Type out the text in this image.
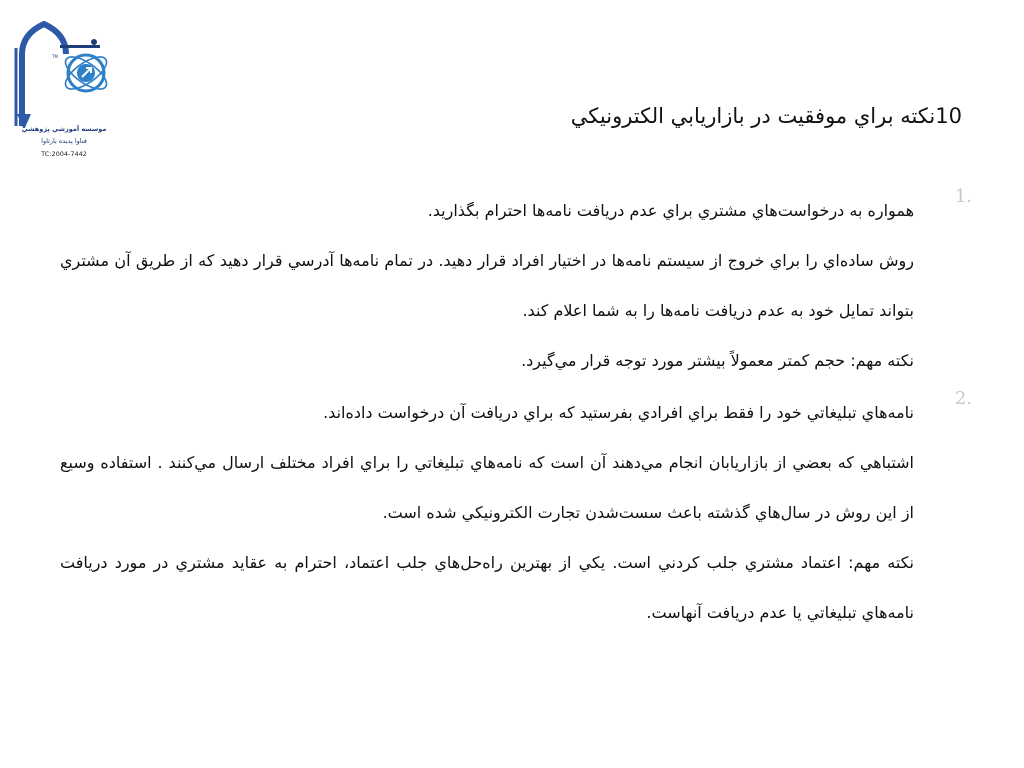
موسسه آموزشي پژوهشي
فناوا پديده بارثاوا
TC:2004-7442
TM
10نكته براي موفقيت در بازاريابي الكترونيكي
1.

همواره به درخواست‌هاي مشتري براي عدم دريافت نامه‌ها احترام بگذاريد.

روش ساده‌اي را براي خروج از سيستم نامه‌ها در اختيار افراد قرار دهيد. در تمام نامه‌ها آدرسي قرار دهيد كه از طريق آن مشتري بتواند تمايل خود به عدم دريافت نامه‌ها را به شما اعلام كند.

نكته مهم: حجم كمتر معمولاً بيشتر مورد توجه قرار مي‌گيرد.

2.

نامه‌هاي تبليغاتي خود را فقط براي افرادي بفرستيد كه براي دريافت آن درخواست داده‌اند.

اشتباهي كه بعضي از بازاريابان انجام مي‌دهند آن است كه نامه‌هاي تبليغاتي را براي افراد مختلف ارسال مي‌كنند . استفاده وسيع از اين روش در سال‌هاي گذشته باعث سست‌شدن تجارت الكترونيكي شده است.

نكته مهم: اعتماد مشتري جلب كردني است. يكي از بهترين راه‌حل‌هاي جلب اعتماد، احترام به عقايد مشتري در مورد دريافت نامه‌هاي تبليغاتي يا عدم دريافت آنهاست.
